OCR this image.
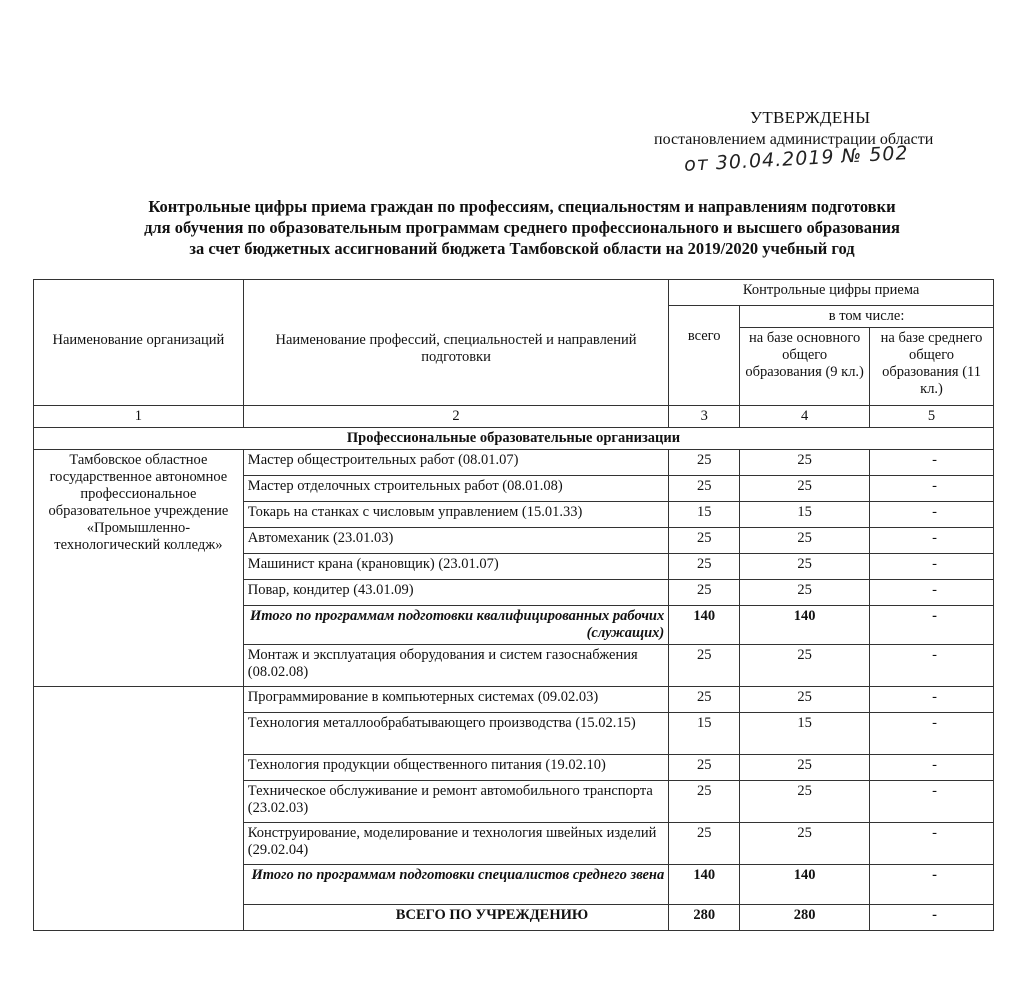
УТВЕРЖДЕНЫ
постановлением администрации области
от 30.04.2019 № 502
Контрольные цифры приема граждан по профессиям, специальностям и направлениям подготовки
для обучения по образовательным программам среднего профессионального и высшего образования
за счет бюджетных ассигнований бюджета Тамбовской области на 2019/2020 учебный год
Наименование организаций	Наименование профессий, специальностей и направлений подготовки	Контрольные цифры приема		
		всего	в том числе:	
			на базе основного общего образования (9 кл.)	на базе среднего общего образования (11 кл.)
1	2	3	4	5
Профессиональные образовательные организации				
Тамбовское областное государственное автономное профессиональное образовательное учреждение «Промышленно-технологический колледж»	Мастер общестроительных работ (08.01.07)	25	25	-
	Мастер отделочных строительных работ (08.01.08)	25	25	-
	Токарь на станках с числовым управлением (15.01.33)	15	15	-
	Автомеханик (23.01.03)	25	25	-
	Машинист крана (крановщик) (23.01.07)	25	25	-
	Повар, кондитер (43.01.09)	25	25	-
	Итого по программам подготовки квалифицированных рабочих (служащих)	140	140	-
	Монтаж и эксплуатация оборудования и систем газоснабжения (08.02.08)	25	25	-
	Программирование в компьютерных системах (09.02.03)	25	25	-
	Технология металлообрабатывающего производства (15.02.15)	15	15	-
	Технология продукции общественного питания (19.02.10)	25	25	-
	Техническое обслуживание и ремонт автомобильного транспорта (23.02.03)	25	25	-
	Конструирование, моделирование и технология швейных изделий (29.02.04)	25	25	-
	Итого по программам подготовки специалистов среднего звена	140	140	-
	ВСЕГО ПО УЧРЕЖДЕНИЮ	280	280	-
